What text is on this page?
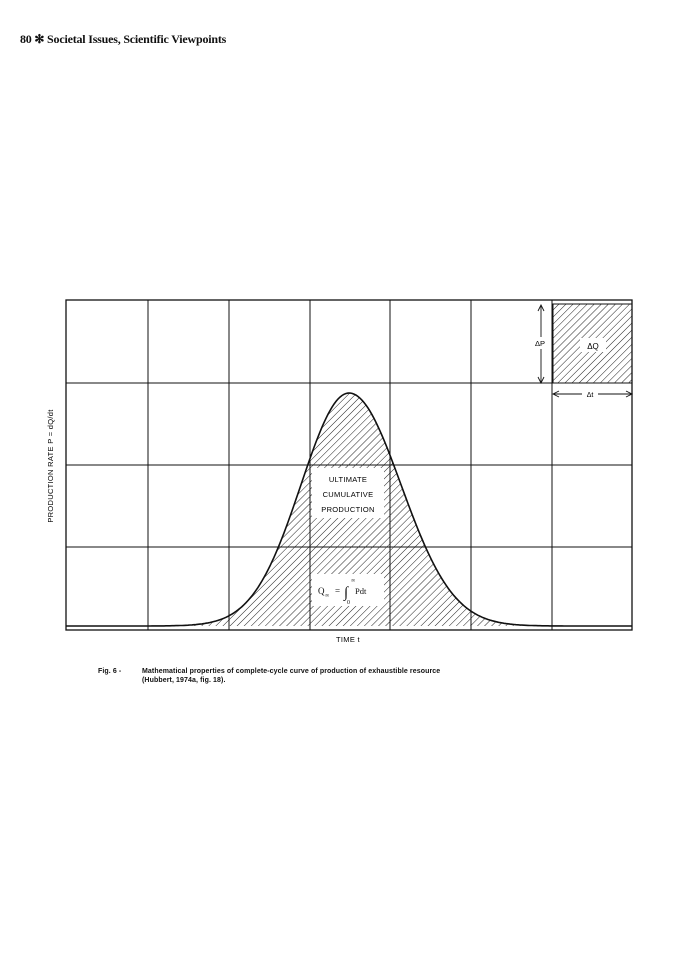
80 ✻ Societal Issues, Scientific Viewpoints
ΔQ
ΔP
Δt
ULTIMATE
CUMULATIVE
PRODUCTION
Q ∞ = ∫
∞
0
Pdt
PRODUCTION RATE P = dQ/dt
TIME t
Fig. 6 -	Mathematical properties of complete-cycle curve of production of exhaustible resource
(Hubbert, 1974a, fig. 18).
